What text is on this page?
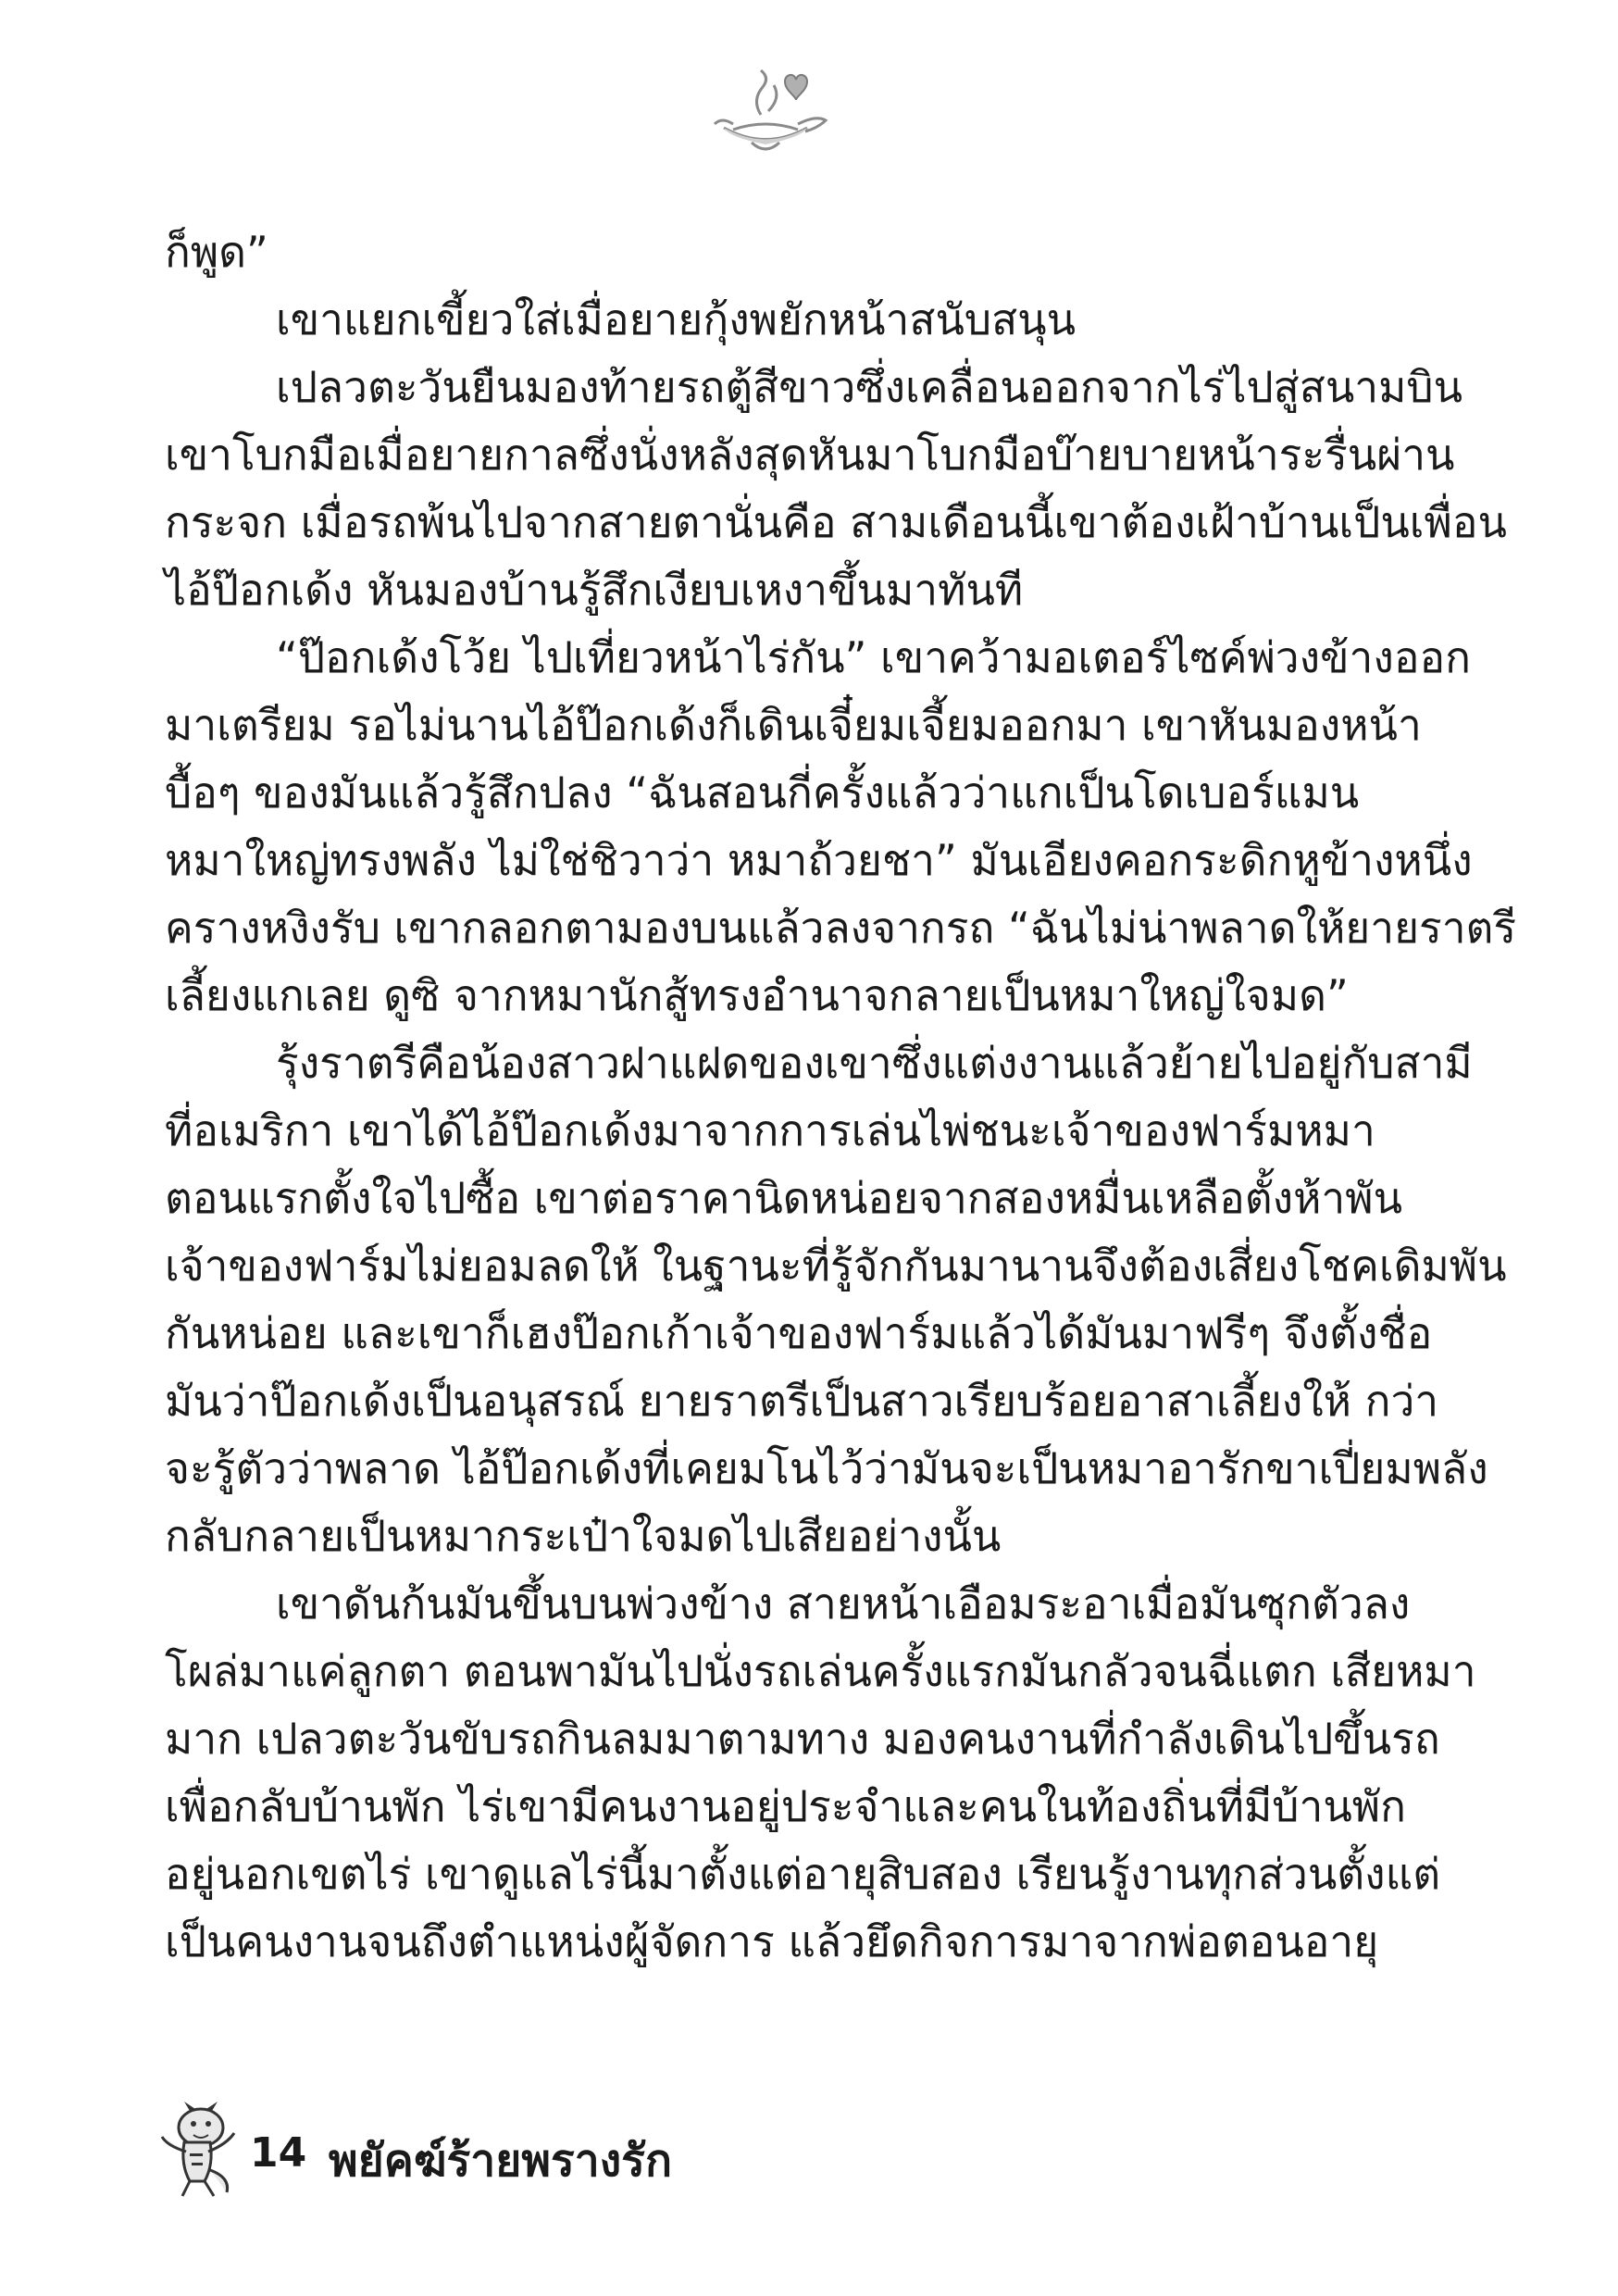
ก็พูด”
เขาแยกเขี้ยวใส่เมื่อยายกุ้งพยักหน้าสนับสนุน
เปลวตะวันยืนมองท้ายรถตู้สีขาวซึ่งเคลื่อนออกจากไร่ไปสู่สนามบิน
เขาโบกมือเมื่อยายกาลซึ่งนั่งหลังสุดหันมาโบกมือบ๊ายบายหน้าระรื่นผ่าน
กระจก เมื่อรถพ้นไปจากสายตานั่นคือ สามเดือนนี้เขาต้องเฝ้าบ้านเป็นเพื่อน
ไอ้ป๊อกเด้ง หันมองบ้านรู้สึกเงียบเหงาขึ้นมาทันที
“ป๊อกเด้งโว้ย ไปเที่ยวหน้าไร่กัน” เขาคว้ามอเตอร์ไซค์พ่วงข้างออก
มาเตรียม รอไม่นานไอ้ป๊อกเด้งก็เดินเจี๋ยมเจี้ยมออกมา เขาหันมองหน้า
บื้อๆ ของมันแล้วรู้สึกปลง “ฉันสอนกี่ครั้งแล้วว่าแกเป็นโดเบอร์แมน
หมาใหญ่ทรงพลัง ไม่ใช่ชิวาว่า หมาถ้วยชา” มันเอียงคอกระดิกหูข้างหนึ่ง
ครางหงิงรับ เขากลอกตามองบนแล้วลงจากรถ “ฉันไม่น่าพลาดให้ยายราตรี
เลี้ยงแกเลย ดูซิ จากหมานักสู้ทรงอำนาจกลายเป็นหมาใหญ่ใจมด”
รุ้งราตรีคือน้องสาวฝาแฝดของเขาซึ่งแต่งงานแล้วย้ายไปอยู่กับสามี
ที่อเมริกา เขาได้ไอ้ป๊อกเด้งมาจากการเล่นไพ่ชนะเจ้าของฟาร์มหมา
ตอนแรกตั้งใจไปซื้อ เขาต่อราคานิดหน่อยจากสองหมื่นเหลือตั้งห้าพัน
เจ้าของฟาร์มไม่ยอมลดให้ ในฐานะที่รู้จักกันมานานจึงต้องเสี่ยงโชคเดิมพัน
กันหน่อย และเขาก็เฮงป๊อกเก้าเจ้าของฟาร์มแล้วได้มันมาฟรีๆ จึงตั้งชื่อ
มันว่าป๊อกเด้งเป็นอนุสรณ์ ยายราตรีเป็นสาวเรียบร้อยอาสาเลี้ยงให้ กว่า
จะรู้ตัวว่าพลาด ไอ้ป๊อกเด้งที่เคยมโนไว้ว่ามันจะเป็นหมาอารักขาเปี่ยมพลัง
กลับกลายเป็นหมากระเป๋าใจมดไปเสียอย่างนั้น
เขาดันก้นมันขึ้นบนพ่วงข้าง สายหน้าเอือมระอาเมื่อมันซุกตัวลง
โผล่มาแค่ลูกตา ตอนพามันไปนั่งรถเล่นครั้งแรกมันกลัวจนฉี่แตก เสียหมา
มาก เปลวตะวันขับรถกินลมมาตามทาง มองคนงานที่กำลังเดินไปขึ้นรถ
เพื่อกลับบ้านพัก ไร่เขามีคนงานอยู่ประจำและคนในท้องถิ่นที่มีบ้านพัก
อยู่นอกเขตไร่ เขาดูแลไร่นี้มาตั้งแต่อายุสิบสอง เรียนรู้งานทุกส่วนตั้งแต่
เป็นคนงานจนถึงตำแหน่งผู้จัดการ แล้วยึดกิจการมาจากพ่อตอนอายุ
14 พยัคฆ์ร้ายพรางรัก
